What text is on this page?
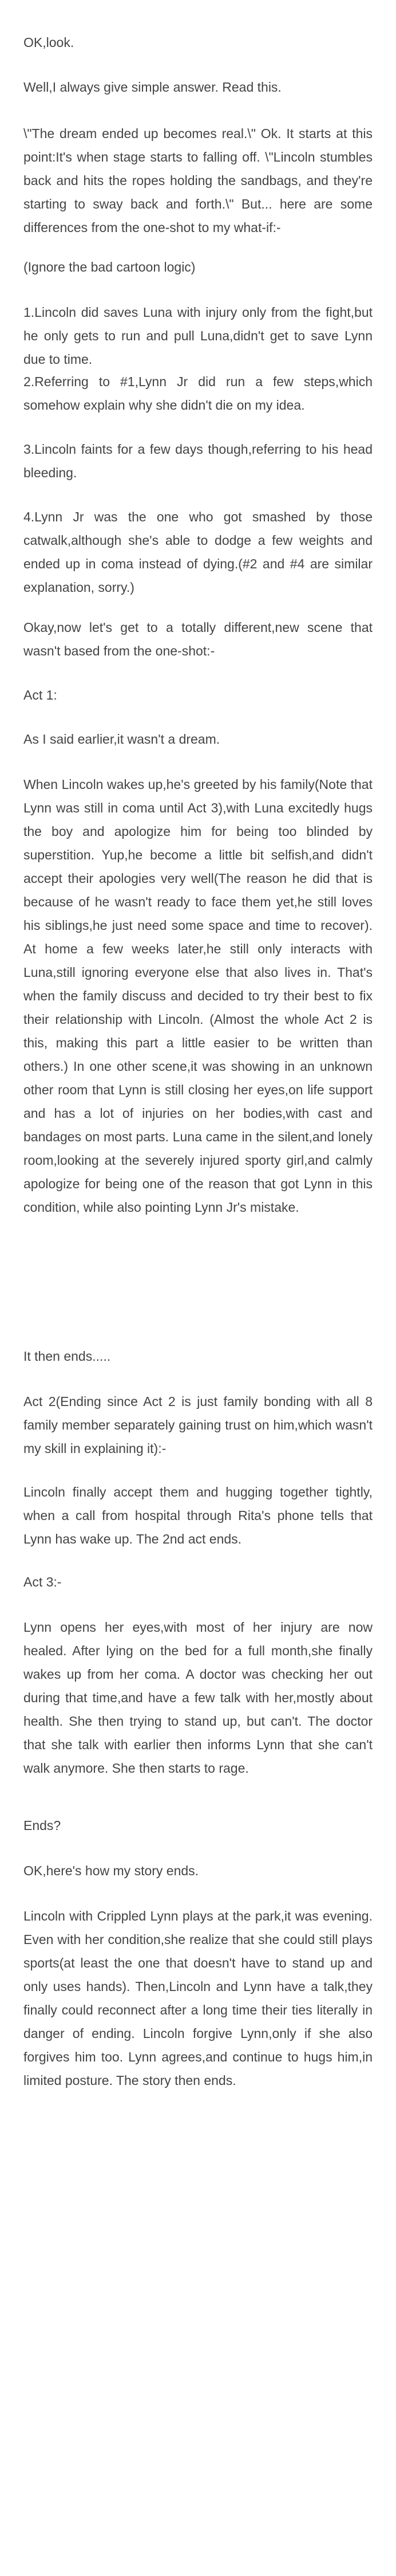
OK,look.

Well,I always give simple answer. Read this.

\"The dream ended up becomes real.\" Ok. It starts at this point:It's when stage starts to falling off. \"Lincoln stumbles back and hits the ropes holding the sandbags, and they're starting to sway back and forth.\" But... here are some differences from the one-shot to my what-if:-

(Ignore the bad cartoon logic)

1.Lincoln did saves Luna with injury only from the fight,but he only gets to run and pull Luna,didn't get to save Lynn due to time.

2.Referring to #1,Lynn Jr did run a few steps,which somehow explain why she didn't die on my idea.

3.Lincoln faints for a few days though,referring to his head bleeding.

4.Lynn Jr was the one who got smashed by those catwalk,although she's able to dodge a few weights and ended up in coma instead of dying.(#2 and #4 are similar explanation, sorry.)

Okay,now let's get to a totally different,new scene that wasn't based from the one-shot:-

Act 1:

As I said earlier,it wasn't a dream.

When Lincoln wakes up,he's greeted by his family(Note that Lynn was still in coma until Act 3),with Luna excitedly hugs the boy and apologize him for being too blinded by superstition. Yup,he become a little bit selfish,and didn't accept their apologies very well(The reason he did that is because of he wasn't ready to face them yet,he still loves his siblings,he just need some space and time to recover). At home a few weeks later,he still only interacts with Luna,still ignoring everyone else that also lives in. That's when the family discuss and decided to try their best to fix their relationship with Lincoln. (Almost the whole Act 2 is this, making this part a little easier to be written than others.) In one other scene,it was showing in an unknown other room that Lynn is still closing her eyes,on life support and has a lot of injuries on her bodies,with cast and bandages on most parts. Luna came in the silent,and lonely room,looking at the severely injured sporty girl,and calmly apologize for being one of the reason that got Lynn in this condition, while also pointing Lynn Jr's mistake.

It then ends.....

Act 2(Ending since Act 2 is just family bonding with all 8 family member separately gaining trust on him,which wasn't my skill in explaining it):-

Lincoln finally accept them and hugging together tightly, when a call from hospital through Rita's phone tells that Lynn has wake up. The 2nd act ends.

Act 3:-

Lynn opens her eyes,with most of her injury are now healed. After lying on the bed for a full month,she finally wakes up from her coma. A doctor was checking her out during that time,and have a few talk with her,mostly about health. She then trying to stand up, but can't. The doctor that she talk with earlier then informs Lynn that she can't walk anymore. She then starts to rage.

Ends?

OK,here's how my story ends.

Lincoln with Crippled Lynn plays at the park,it was evening. Even with her condition,she realize that she could still plays sports(at least the one that doesn't have to stand up and only uses hands). Then,Lincoln and Lynn have a talk,they finally could reconnect after a long time their ties literally in danger of ending. Lincoln forgive Lynn,only if she also forgives him too. Lynn agrees,and continue to hugs him,in limited posture. The story then ends.
